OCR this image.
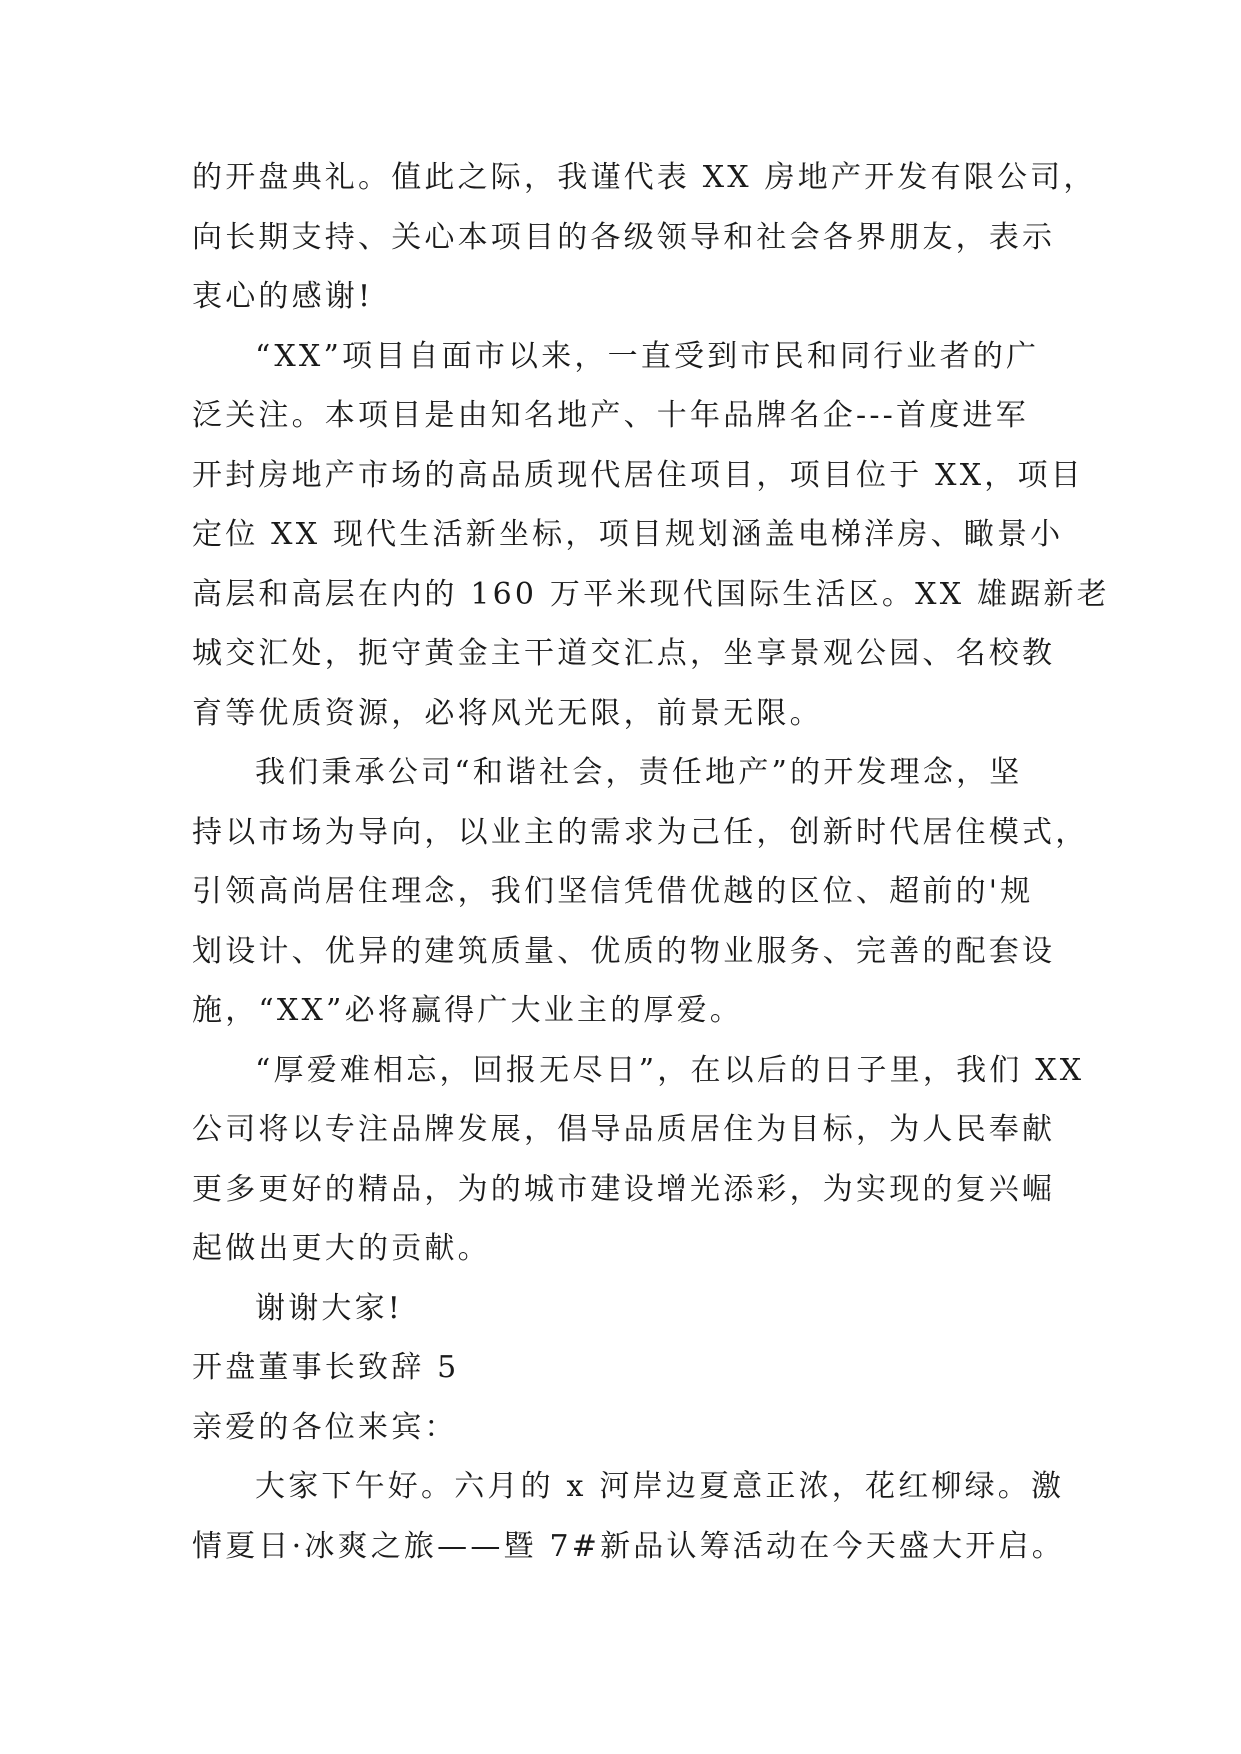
的开盘典礼。值此之际，我谨代表 XX 房地产开发有限公司，
向长期支持、关心本项目的各级领导和社会各界朋友，表示
衷心的感谢!
“XX”项目自面市以来，一直受到市民和同行业者的广
泛关注。本项目是由知名地产、十年品牌名企---首度进军
开封房地产市场的高品质现代居住项目，项目位于 XX，项目
定位 XX 现代生活新坐标，项目规划涵盖电梯洋房、瞰景小
高层和高层在内的 160 万平米现代国际生活区。XX 雄踞新老
城交汇处，扼守黄金主干道交汇点，坐享景观公园、名校教
育等优质资源，必将风光无限，前景无限。
我们秉承公司“和谐社会，责任地产”的开发理念，坚
持以市场为导向，以业主的需求为己任，创新时代居住模式，
引领高尚居住理念，我们坚信凭借优越的区位、超前的'规
划设计、优异的建筑质量、优质的物业服务、完善的配套设
施，“XX”必将赢得广大业主的厚爱。
“厚爱难相忘，回报无尽日”，在以后的日子里，我们 XX
公司将以专注品牌发展，倡导品质居住为目标，为人民奉献
更多更好的精品，为的城市建设增光添彩，为实现的复兴崛
起做出更大的贡献。
谢谢大家!
开盘董事长致辞 5
亲爱的各位来宾：
大家下午好。六月的 x 河岸边夏意正浓，花红柳绿。激
情夏日·冰爽之旅——暨 7#新品认筹活动在今天盛大开启。
